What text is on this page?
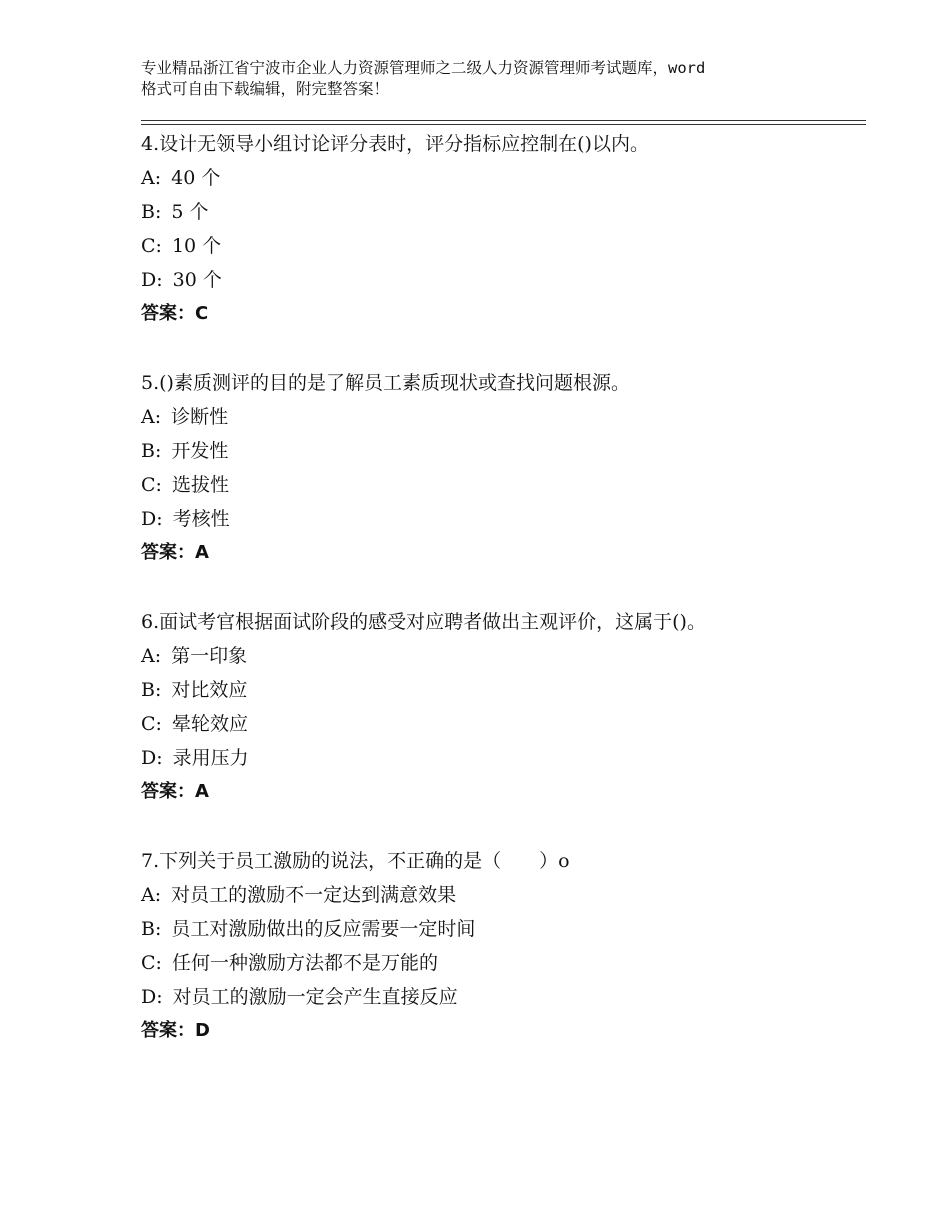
专业精品浙江省宁波市企业人力资源管理师之二级人力资源管理师考试题库，word
格式可自由下载编辑，附完整答案！
4.设计无领导小组讨论评分表时，评分指标应控制在()以内。
A: 40 个
B: 5 个
C: 10 个
D: 30 个
答案：C
5.()素质测评的目的是了解员工素质现状或查找问题根源。
A: 诊断性
B: 开发性
C: 选拔性
D: 考核性
答案：A
6.面试考官根据面试阶段的感受对应聘者做出主观评价，这属于()。
A: 第一印象
B: 对比效应
C: 晕轮效应
D: 录用压力
答案：A
7.下列关于员工激励的说法，不正确的是（　　）o
A: 对员工的激励不一定达到满意效果
B: 员工对激励做出的反应需要一定时间
C: 任何一种激励方法都不是万能的
D: 对员工的激励一定会产生直接反应
答案：D
